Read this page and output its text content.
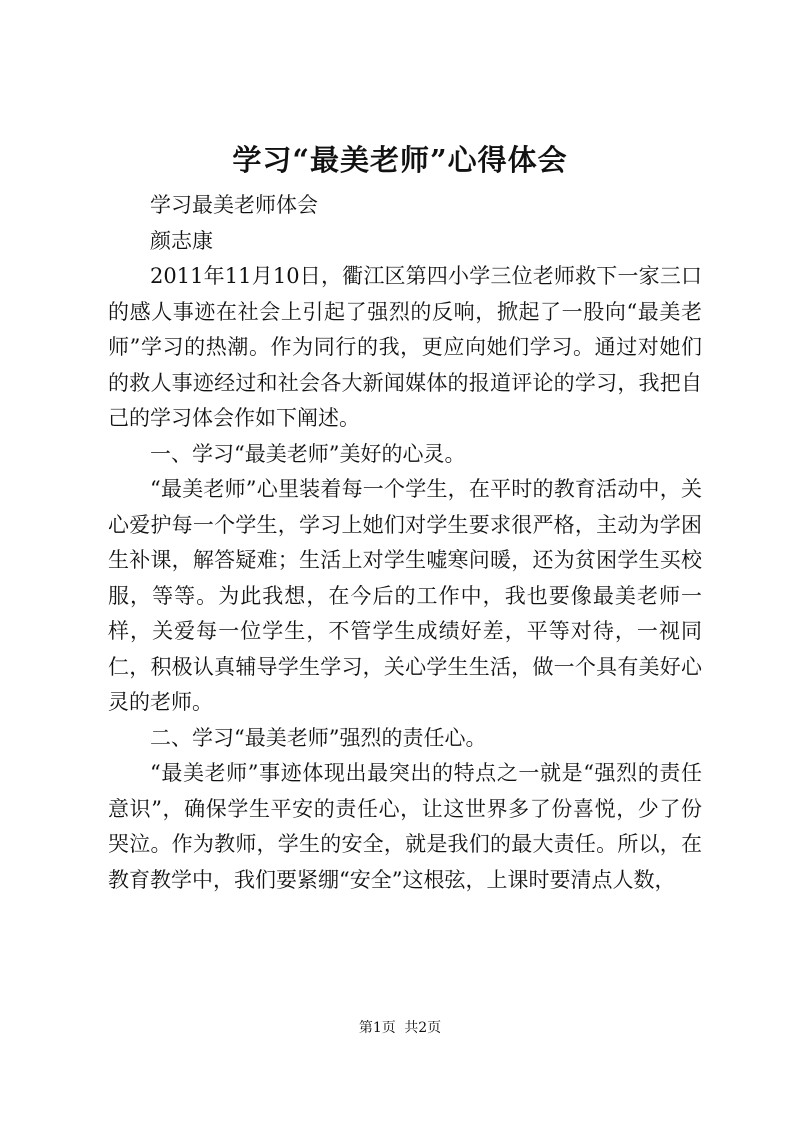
学习“最美老师”心得体会

学习最美老师体会

颜志康

2011年11月10日，衢江区第四小学三位老师救下一家三口的感人事迹在社会上引起了强烈的反响，掀起了一股向“最美老师”学习的热潮。作为同行的我，更应向她们学习。通过对她们的救人事迹经过和社会各大新闻媒体的报道评论的学习，我把自己的学习体会作如下阐述。

一、学习“最美老师”美好的心灵。

“最美老师”心里装着每一个学生，在平时的教育活动中，关心爱护每一个学生，学习上她们对学生要求很严格，主动为学困生补课，解答疑难；生活上对学生嘘寒问暖，还为贫困学生买校服，等等。为此我想，在今后的工作中，我也要像最美老师一样，关爱每一位学生，不管学生成绩好差，平等对待，一视同仁，积极认真辅导学生学习，关心学生生活，做一个具有美好心灵的老师。

二、学习“最美老师”强烈的责任心。

“最美老师”事迹体现出最突出的特点之一就是“强烈的责任意识”，确保学生平安的责任心，让这世界多了份喜悦，少了份哭泣。作为教师，学生的安全，就是我们的最大责任。所以，在教育教学中，我们要紧绷“安全”这根弦，上课时要清点人数，

第1页 共2页
